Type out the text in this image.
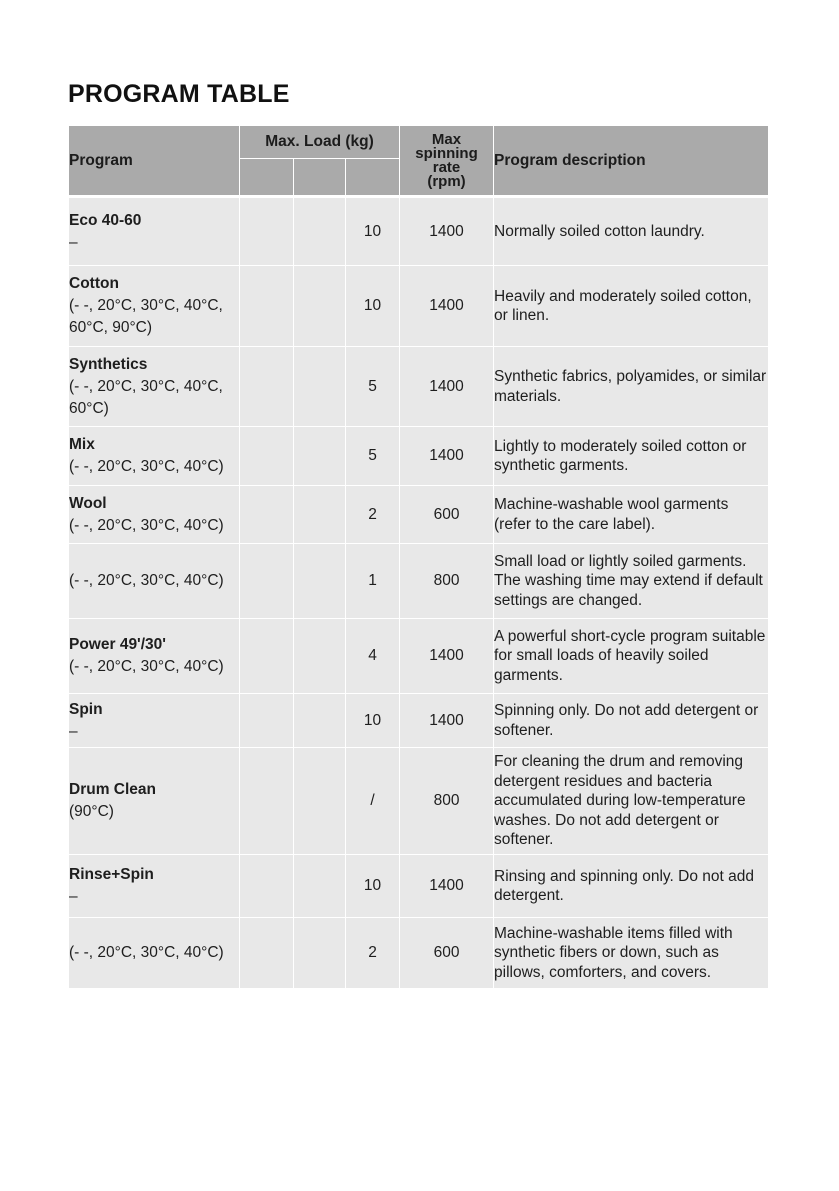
PROGRAM TABLE
Program	Max. Load (kg)			Max
spinning
rate
(rpm)	Program description

Eco 40-60
–			10	1400	Normally soiled cotton laundry.

Cotton
(- -, 20°C, 30°C, 40°C, 60°C, 90°C)			10	1400	Heavily and moderately soiled cotton, or linen.

Synthetics
(- -, 20°C, 30°C, 40°C, 60°C)			5	1400	Synthetic fabrics, polyamides, or similar materials.

Mix
(- -, 20°C, 30°C, 40°C)			5	1400	Lightly to moderately soiled cotton or synthetic garments.

Wool
(- -, 20°C, 30°C, 40°C)			2	600	Machine-washable wool garments (refer to the care label).

(- -, 20°C, 30°C, 40°C)			1	800	Small load or lightly soiled garments. The washing time may extend if default settings are changed.

Power 49'/30'
(- -, 20°C, 30°C, 40°C)			4	1400	A powerful short-cycle program suitable for small loads of heavily soiled garments.

Spin
–			10	1400	Spinning only. Do not add detergent or softener.

Drum Clean
(90°C)			/	800	For cleaning the drum and removing detergent residues and bacteria accumulated during low-temperature washes. Do not add detergent or softener.

Rinse+Spin
–			10	1400	Rinsing and spinning only. Do not add detergent.

(- -, 20°C, 30°C, 40°C)			2	600	Machine-washable items filled with synthetic fibers or down, such as pillows, comforters, and covers.
